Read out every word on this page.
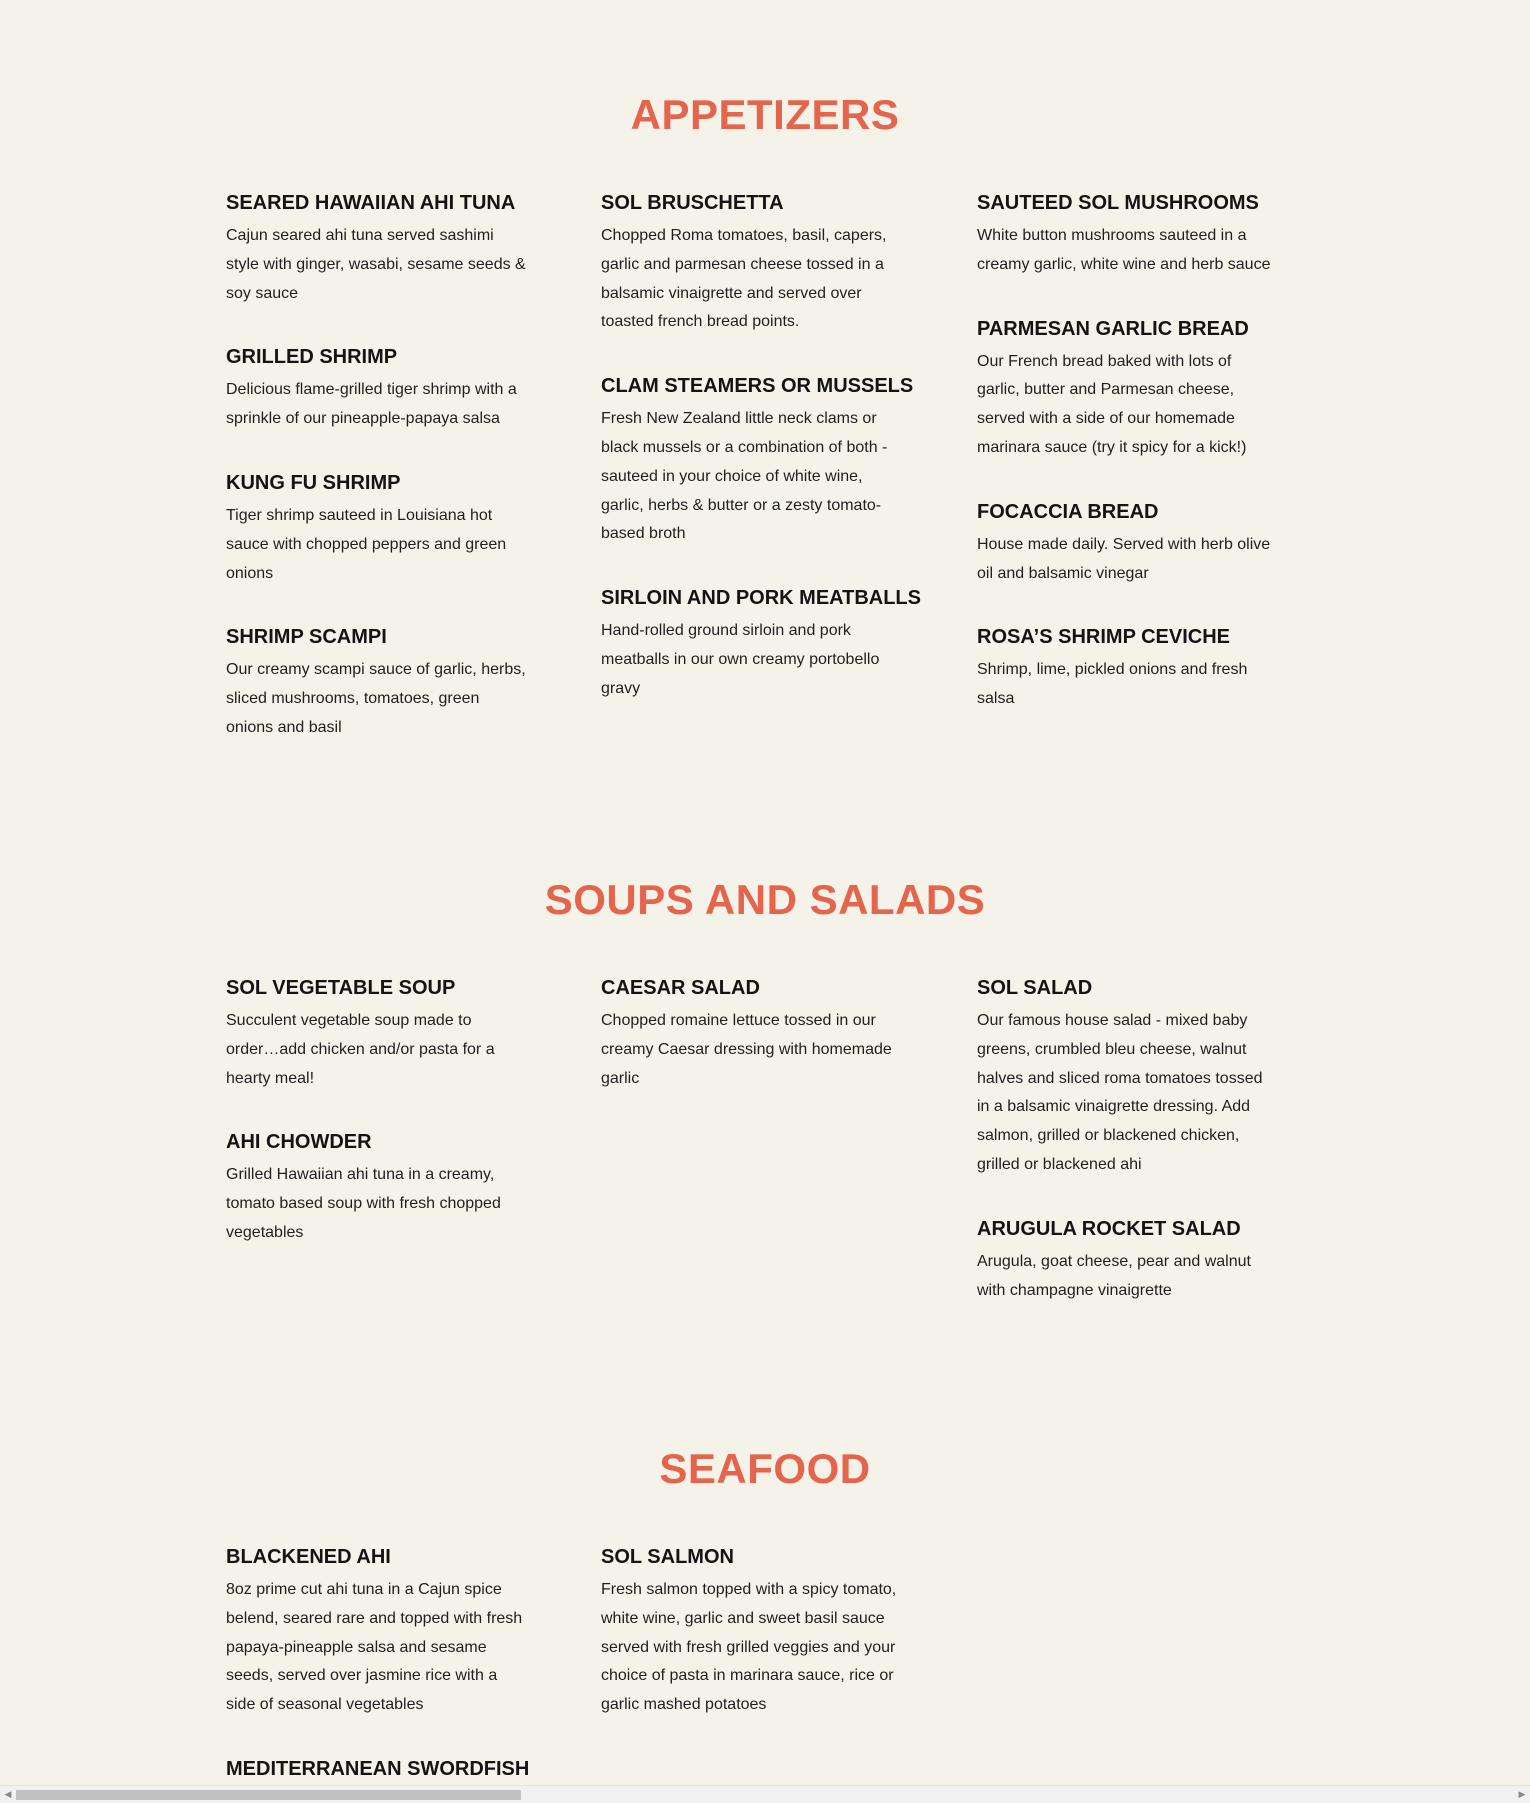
APPETIZERS
SEARED HAWAIIAN AHI TUNA

Cajun seared ahi tuna served sashimi style with ginger, wasabi, sesame seeds & soy sauce

GRILLED SHRIMP

Delicious flame-grilled tiger shrimp with a sprinkle of our pineapple-papaya salsa

KUNG FU SHRIMP

Tiger shrimp sauteed in Louisiana hot sauce with chopped peppers and green onions

SHRIMP SCAMPI

Our creamy scampi sauce of garlic, herbs, sliced mushrooms, tomatoes, green onions and basil

SOL BRUSCHETTA

Chopped Roma tomatoes, basil, capers, garlic and parmesan cheese tossed in a balsamic vinaigrette and served over toasted french bread points.

CLAM STEAMERS OR MUSSELS

Fresh New Zealand little neck clams or black mussels or a combination of both - sauteed in your choice of white wine, garlic, herbs & butter or a zesty tomato-based broth

SIRLOIN AND PORK MEATBALLS

Hand-rolled ground sirloin and pork meatballs in our own creamy portobello gravy

SAUTEED SOL MUSHROOMS

White button mushrooms sauteed in a creamy garlic, white wine and herb sauce

PARMESAN GARLIC BREAD

Our French bread baked with lots of garlic, butter and Parmesan cheese, served with a side of our homemade marinara sauce (try it spicy for a kick!)

FOCACCIA BREAD

House made daily. Served with herb olive oil and balsamic vinegar

ROSA’S SHRIMP CEVICHE

Shrimp, lime, pickled onions and fresh salsa

SOUPS AND SALADS
SOL VEGETABLE SOUP

Succulent vegetable soup made to order…add chicken and/or pasta for a hearty meal!

AHI CHOWDER

Grilled Hawaiian ahi tuna in a creamy, tomato based soup with fresh chopped vegetables

CAESAR SALAD

Chopped romaine lettuce tossed in our creamy Caesar dressing with homemade garlic

SOL SALAD

Our famous house salad - mixed baby greens, crumbled bleu cheese, walnut halves and sliced roma tomatoes tossed in a balsamic vinaigrette dressing. Add salmon, grilled or blackened chicken, grilled or blackened ahi

ARUGULA ROCKET SALAD

Arugula, goat cheese, pear and walnut with champagne vinaigrette

SEAFOOD
BLACKENED AHI

8oz prime cut ahi tuna in a Cajun spice belend, seared rare and topped with fresh papaya-pineapple salsa and sesame seeds, served over jasmine rice with a side of seasonal vegetables

MEDITERRANEAN SWORDFISH
SOL SALMON

Fresh salmon topped with a spicy tomato, white wine, garlic and sweet basil sauce served with fresh grilled veggies and your choice of pasta in marinara sauce, rice or garlic mashed potatoes

◀	▶
